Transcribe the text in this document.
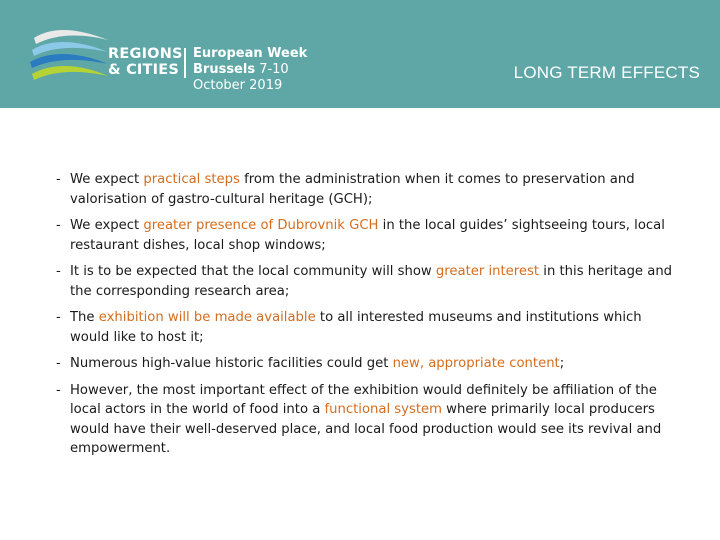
REGIONS
& CITIES
European Week
Brussels 7-10 October 2019
LONG TERM EFFECTS
- We expect practical steps from the administration when it comes to preservation and valorisation of gastro-cultural heritage (GCH);
- We expect greater presence of Dubrovnik GCH in the local guides’ sightseeing tours, local restaurant dishes, local shop windows;
- It is to be expected that the local community will show greater interest in this heritage and the corresponding research area;
- The exhibition will be made available to all interested museums and institutions which would like to host it;
- Numerous high-value historic facilities could get new, appropriate content;
- However, the most important effect of the exhibition would definitely be affiliation of the local actors in the world of food into a functional system where primarily local producers would have their well-deserved place, and local food production would see its revival and empowerment.
